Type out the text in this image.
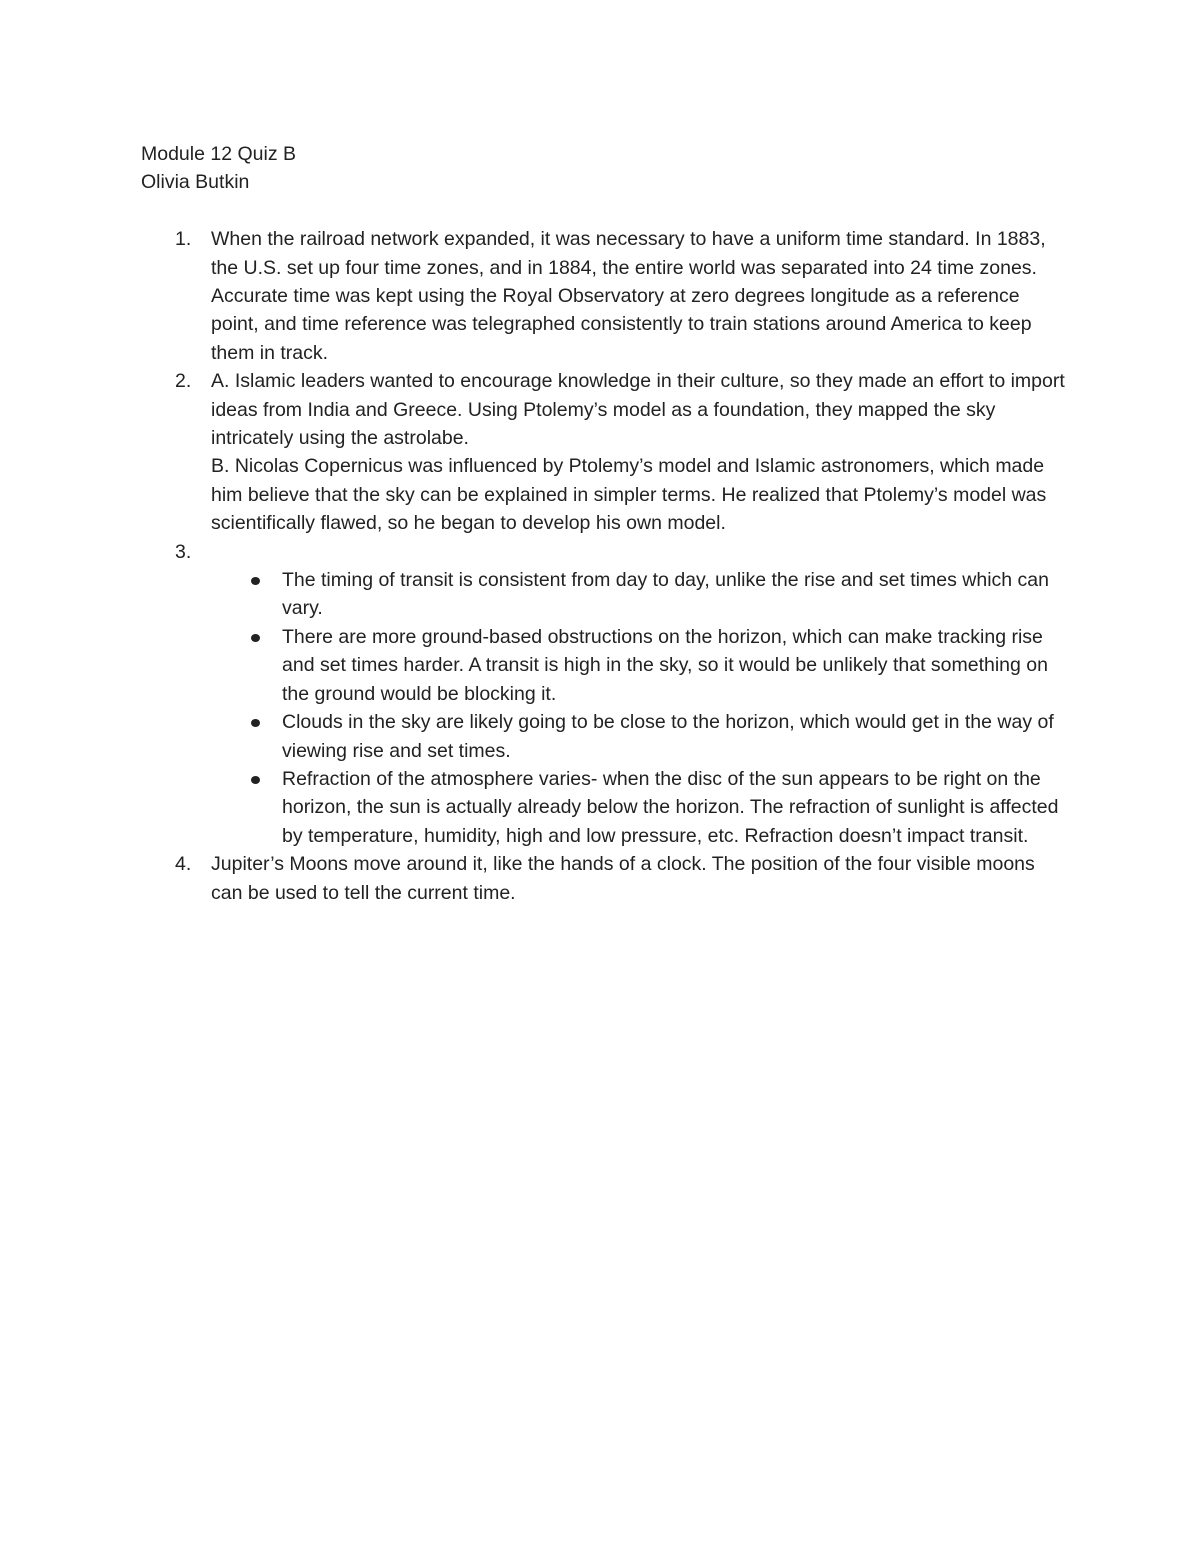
Module 12 Quiz B
Olivia Butkin
1. When the railroad network expanded, it was necessary to have a uniform time standard. In 1883, the U.S. set up four time zones, and in 1884, the entire world was separated into 24 time zones. Accurate time was kept using the Royal Observatory at zero degrees longitude as a reference point, and time reference was telegraphed consistently to train stations around America to keep them in track.
2. A. Islamic leaders wanted to encourage knowledge in their culture, so they made an effort to import ideas from India and Greece. Using Ptolemy’s model as a foundation, they mapped the sky intricately using the astrolabe.
B. Nicolas Copernicus was influenced by Ptolemy’s model and Islamic astronomers, which made him believe that the sky can be explained in simpler terms. He realized that Ptolemy’s model was scientifically flawed, so he began to develop his own model.
3.

The timing of transit is consistent from day to day, unlike the rise and set times which can vary.
There are more ground-based obstructions on the horizon, which can make tracking rise and set times harder. A transit is high in the sky, so it would be unlikely that something on the ground would be blocking it.
Clouds in the sky are likely going to be close to the horizon, which would get in the way of viewing rise and set times.
Refraction of the atmosphere varies- when the disc of the sun appears to be right on the horizon, the sun is actually already below the horizon. The refraction of sunlight is affected by temperature, humidity, high and low pressure, etc. Refraction doesn’t impact transit.
4. Jupiter’s Moons move around it, like the hands of a clock. The position of the four visible moons can be used to tell the current time.
